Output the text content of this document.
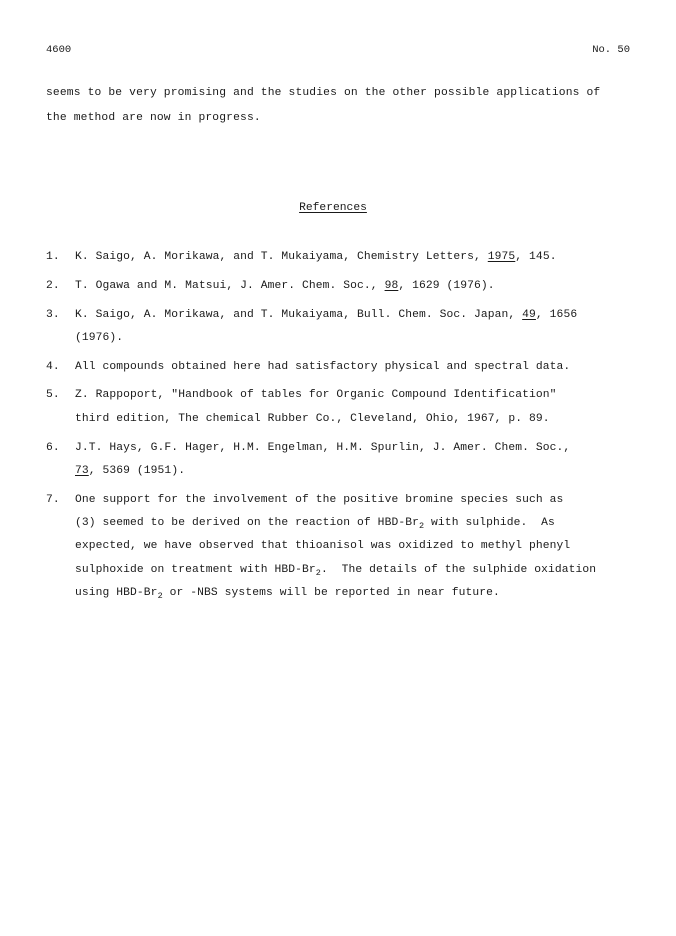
4600	No. 50

seems to be very promising and the studies on the other possible applications of

the method are now in progress.

References
1. K. Saigo, A. Morikawa, and T. Mukaiyama, Chemistry Letters, 1975, 145.
2. T. Ogawa and M. Matsui, J. Amer. Chem. Soc., 98, 1629 (1976).
3. K. Saigo, A. Morikawa, and T. Mukaiyama, Bull. Chem. Soc. Japan, 49, 1656
(1976).
4. All compounds obtained here had satisfactory physical and spectral data.
5. Z. Rappoport, "Handbook of tables for Organic Compound Identification"
third edition, The chemical Rubber Co., Cleveland, Ohio, 1967, p. 89.
6. J.T. Hays, G.F. Hager, H.M. Engelman, H.M. Spurlin, J. Amer. Chem. Soc.,
73, 5369 (1951).
7. One support for the involvement of the positive bromine species such as
(3) seemed to be derived on the reaction of HBD-$Br_2$ with sulphide.  As
expected, we have observed that thioanisol was oxidized to methyl phenyl
sulphoxide on treatment with HBD-$Br_2$.  The details of the sulphide oxidation
using HBD-$Br_2$ or -NBS systems will be reported in near future.
